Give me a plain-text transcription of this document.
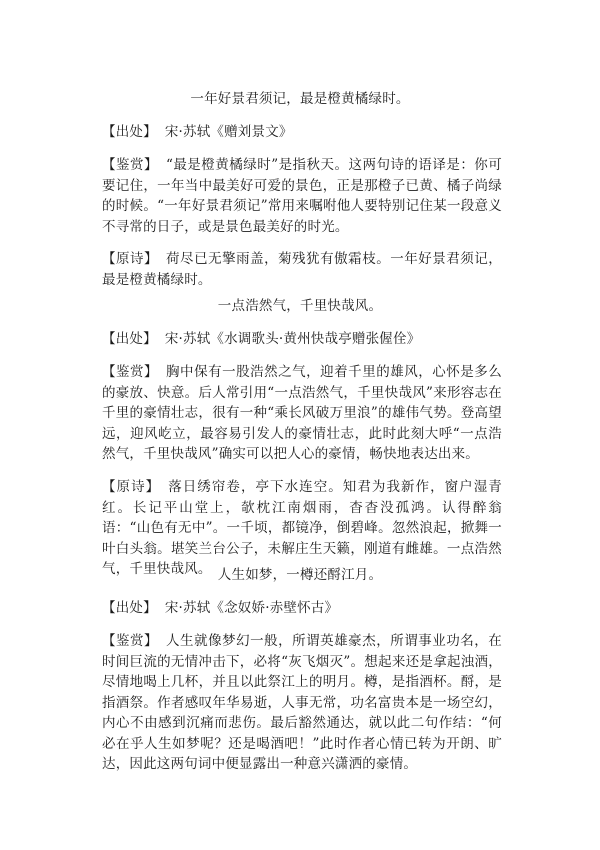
一年好景君须记，最是橙黄橘绿时。
【出处】 宋·苏轼《赠刘景文》
【鉴赏】 “最是橙黄橘绿时”是指秋天。这两句诗的语译是：你可要记住，一年当中最美好可爱的景色，正是那橙子已黄、橘子尚绿的时候。“一年好景君须记”常用来嘱咐他人要特别记住某一段意义不寻常的日子，或是景色最美好的时光。
【原诗】 荷尽已无擎雨盖，菊残犹有傲霜枝。一年好景君须记，最是橙黄橘绿时。
一点浩然气，千里快哉风。
【出处】 宋·苏轼《水调歌头·黄州快哉亭赠张偓佺》
【鉴赏】 胸中保有一股浩然之气，迎着千里的雄风，心怀是多么的豪放、快意。后人常引用“一点浩然气，千里快哉风”来形容志在千里的豪情壮志，很有一种“乘长风破万里浪”的雄伟气势。登高望远，迎风屹立，最容易引发人的豪情壮志，此时此刻大呼“一点浩然气，千里快哉风”确实可以把人心的豪情，畅快地表达出来。
【原诗】 落日绣帘卷，亭下水连空。知君为我新作，窗户湿青红。长记平山堂上，欹枕江南烟雨，杳杳没孤鸿。认得醉翁语：“山色有无中”。一千顷，都镜净，倒碧峰。忽然浪起，掀舞一叶白头翁。堪笑兰台公子，未解庄生天籁，刚道有雌雄。一点浩然气，千里快哉风。 人生如梦，一樽还酹江月。
【出处】 宋·苏轼《念奴娇·赤壁怀古》
【鉴赏】 人生就像梦幻一般，所谓英雄豪杰，所谓事业功名，在时间巨流的无情冲击下，必将“灰飞烟灭”。想起来还是拿起浊酒，尽情地喝上几杯，并且以此祭江上的明月。樽，是指酒杯。酹，是指酒祭。作者感叹年华易逝，人事无常，功名富贵本是一场空幻，内心不由感到沉痛而悲伤。最后豁然通达，就以此二句作结：“何必在乎人生如梦呢？还是喝酒吧！”此时作者心情已转为开朗、旷达，因此这两句词中便显露出一种意兴潇洒的豪情。
